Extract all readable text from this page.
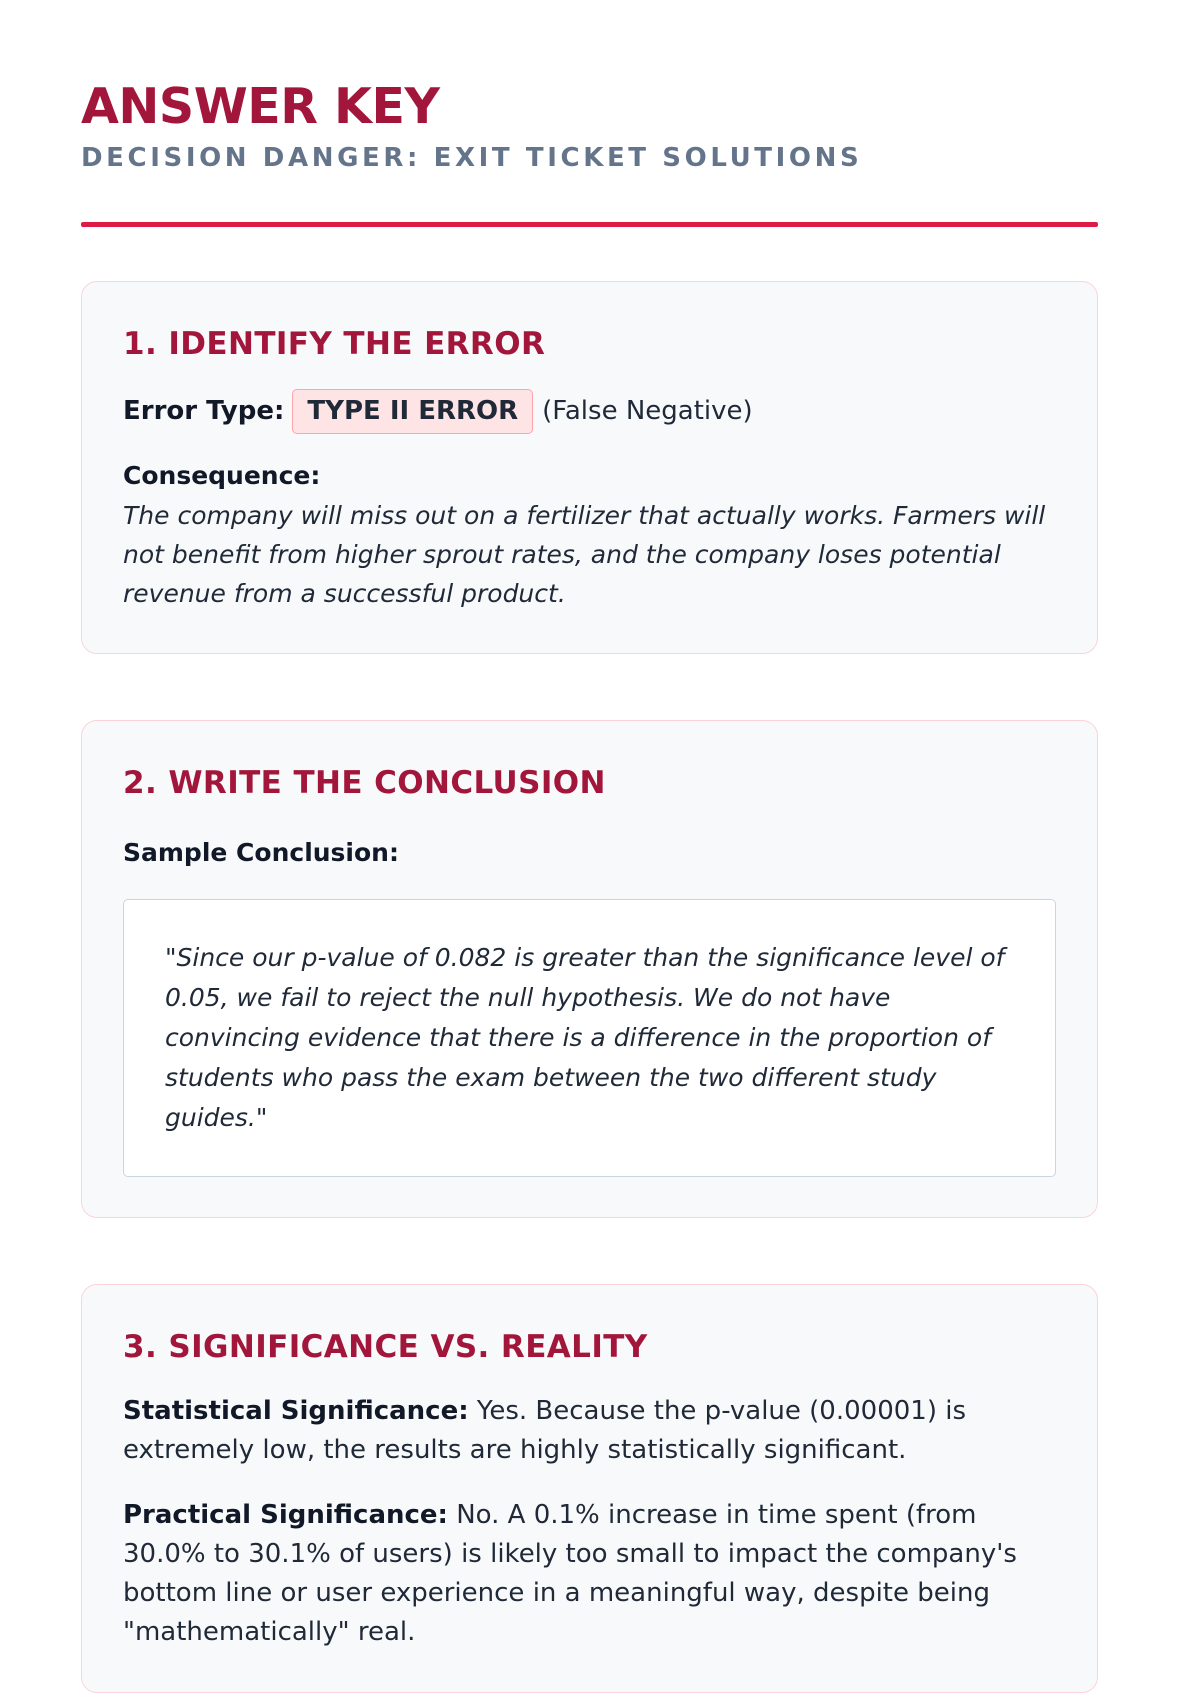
ANSWER KEY
DECISION DANGER: EXIT TICKET SOLUTIONS
1. IDENTIFY THE ERROR
Error Type: TYPE II ERROR (False Negative)
Consequence:
The company will miss out on a fertilizer that actually works. Farmers will not benefit from higher sprout rates, and the company loses potential revenue from a successful product.
2. WRITE THE CONCLUSION
Sample Conclusion:
"Since our p-value of 0.082 is greater than the significance level of 0.05, we fail to reject the null hypothesis. We do not have convincing evidence that there is a difference in the proportion of students who pass the exam between the two different study guides."
3. SIGNIFICANCE VS. REALITY

Statistical Significance: Yes. Because the p-value (0.00001) is extremely low, the results are highly statistically significant.

Practical Significance: No. A 0.1% increase in time spent (from 30.0% to 30.1% of users) is likely too small to impact the company's bottom line or user experience in a meaningful way, despite being "mathematically" real.
